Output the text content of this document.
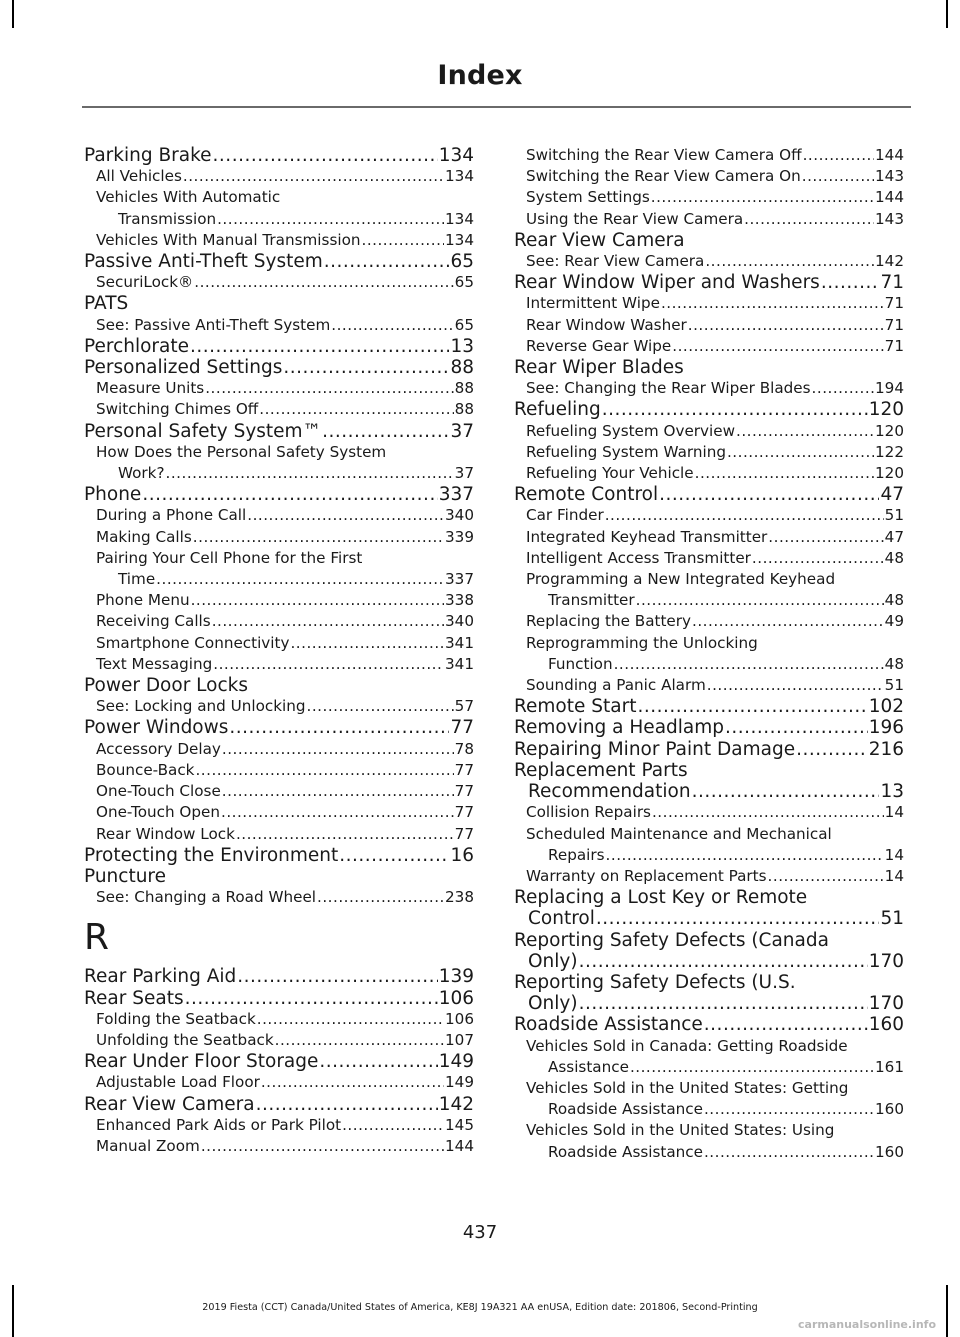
Index
Parking Brake .....	134
All Vehicles .....	134
Vehicles With Automatic
Transmission .....	134
Vehicles With Manual Transmission .....	134
Passive Anti-Theft System .....	65
SecuriLock® .....	65
PATS
See: Passive Anti-Theft System .....	65
Perchlorate .....	13
Personalized Settings .....	88
Measure Units .....	88
Switching Chimes Off .....	88
Personal Safety System™ .....	37
How Does the Personal Safety System
Work? .....	37
Phone .....	337
During a Phone Call .....	340
Making Calls .....	339
Pairing Your Cell Phone for the First
Time .....	337
Phone Menu .....	338
Receiving Calls .....	340
Smartphone Connectivity .....	341
Text Messaging .....	341
Power Door Locks
See: Locking and Unlocking .....	57
Power Windows .....	77
Accessory Delay .....	78
Bounce-Back .....	77
One-Touch Close .....	77
One-Touch Open .....	77
Rear Window Lock .....	77
Protecting the Environment .....	16
Puncture
See: Changing a Road Wheel .....	238
R
Rear Parking Aid .....	139
Rear Seats .....	106
Folding the Seatback .....	106
Unfolding the Seatback .....	107
Rear Under Floor Storage .....	149
Adjustable Load Floor .....	149
Rear View Camera .....	142
Enhanced Park Aids or Park Pilot .....	145
Manual Zoom .....	144
Switching the Rear View Camera Off .....	144
Switching the Rear View Camera On .....	143
System Settings .....	144
Using the Rear View Camera .....	143
Rear View Camera
See: Rear View Camera .....	142
Rear Window Wiper and Washers .....	71
Intermittent Wipe .....	71
Rear Window Washer .....	71
Reverse Gear Wipe .....	71
Rear Wiper Blades
See: Changing the Rear Wiper Blades .....	194
Refueling .....	120
Refueling System Overview .....	120
Refueling System Warning .....	122
Refueling Your Vehicle .....	120
Remote Control .....	47
Car Finder .....	51
Integrated Keyhead Transmitter .....	47
Intelligent Access Transmitter .....	48
Programming a New Integrated Keyhead
Transmitter .....	48
Replacing the Battery .....	49
Reprogramming the Unlocking
Function .....	48
Sounding a Panic Alarm .....	51
Remote Start .....	102
Removing a Headlamp .....	196
Repairing Minor Paint Damage .....	216
Replacement Parts
Recommendation .....	13
Collision Repairs .....	14
Scheduled Maintenance and Mechanical
Repairs .....	14
Warranty on Replacement Parts .....	14
Replacing a Lost Key or Remote
Control .....	51
Reporting Safety Defects (Canada
Only) .....	170
Reporting Safety Defects (U.S.
Only) .....	170
Roadside Assistance .....	160
Vehicles Sold in Canada: Getting Roadside
Assistance .....	161
Vehicles Sold in the United States: Getting
Roadside Assistance .....	160
Vehicles Sold in the United States: Using
Roadside Assistance .....	160
437
2019 Fiesta (CCT) Canada/United States of America, KE8J 19A321 AA enUSA, Edition date: 201806, Second-Printing
carmanualsonline.info
